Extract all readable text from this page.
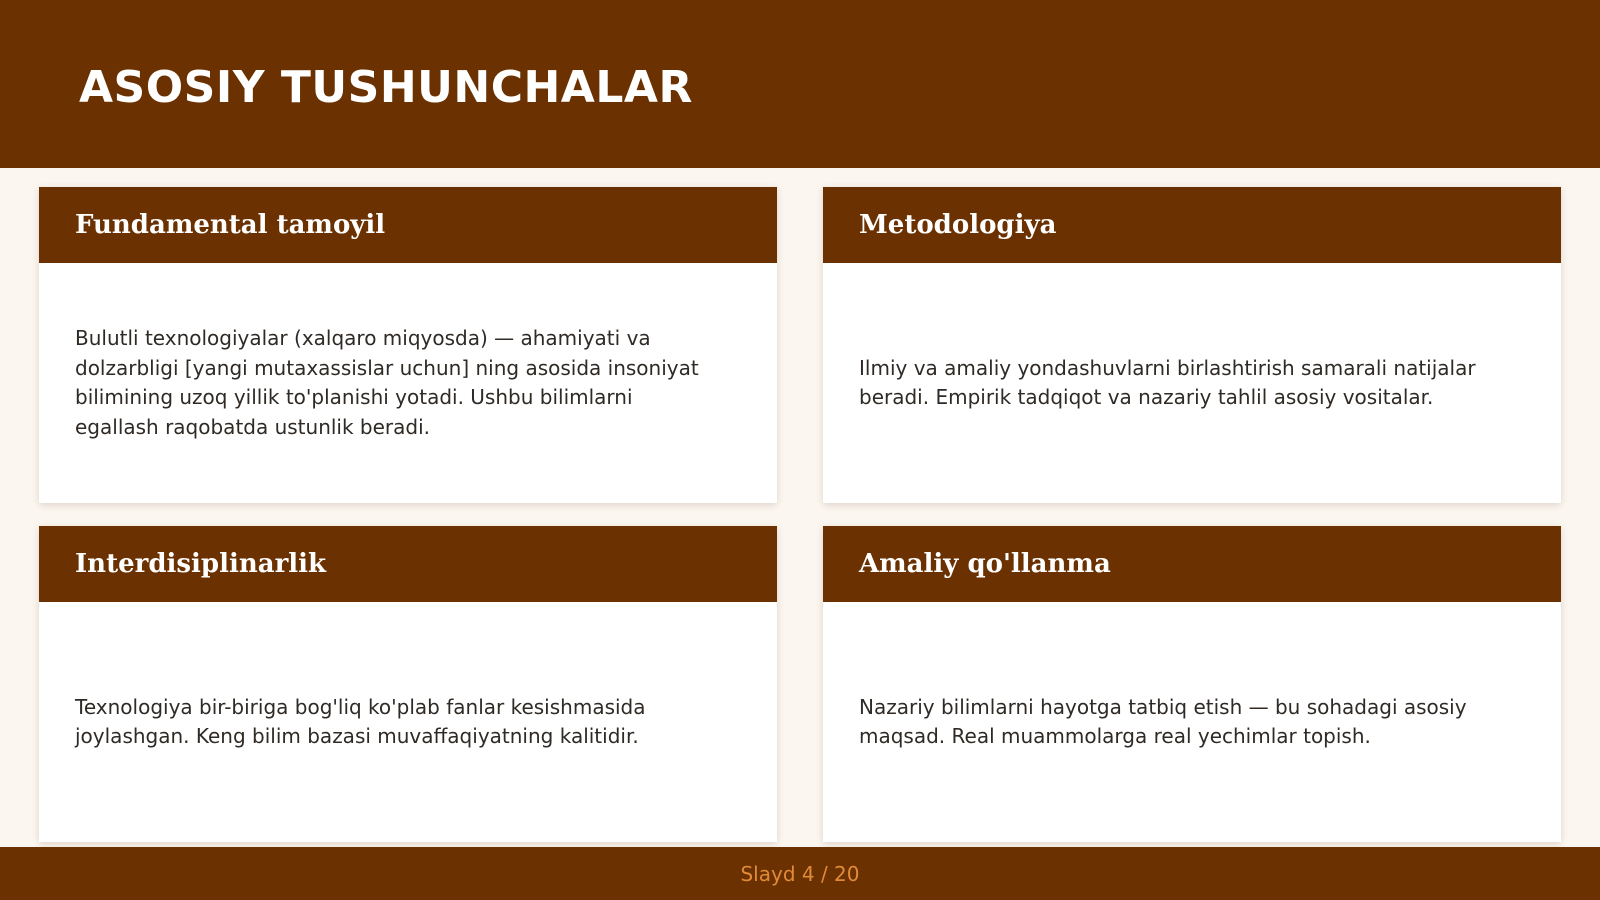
ASOSIY TUSHUNCHALAR
Fundamental tamoyil

Bulutli texnologiyalar (xalqaro miqyosda) — ahamiyati va dolzarbligi [yangi mutaxassislar uchun] ning asosida insoniyat bilimining uzoq yillik to'planishi yotadi. Ushbu bilimlarni egallash raqobatda ustunlik beradi.

Metodologiya

Ilmiy va amaliy yondashuvlarni birlashtirish samarali natijalar beradi. Empirik tadqiqot va nazariy tahlil asosiy vositalar.

Interdisiplinarlik

Texnologiya bir-biriga bog'liq ko'plab fanlar kesishmasida joylashgan. Keng bilim bazasi muvaffaqiyatning kalitidir.

Amaliy qo'llanma

Nazariy bilimlarni hayotga tatbiq etish — bu sohadagi asosiy maqsad. Real muammolarga real yechimlar topish.

Slayd 4 / 20
